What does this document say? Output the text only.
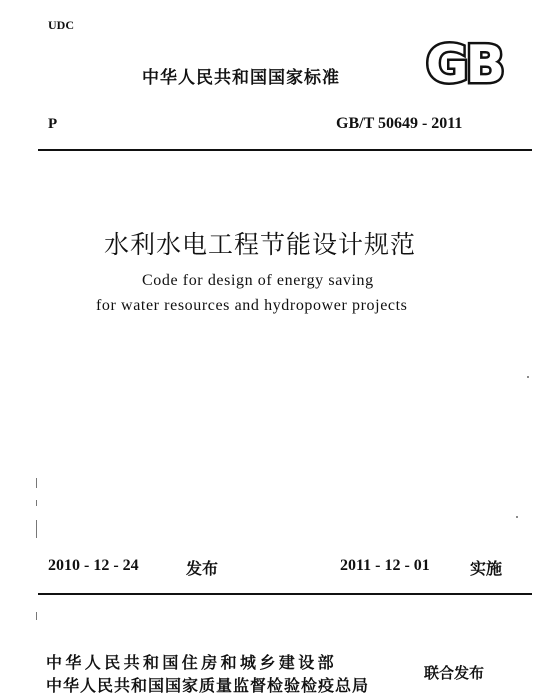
UDC
中华人民共和国国家标准 GB
P	GB/T 50649 - 2011
水利水电工程节能设计规范
Code for design of energy saving
for water resources and hydropower projects
2010 - 12 - 24	发布	2011 - 12 - 01	实施
中华人民共和国住房和城乡建设部
中华人民共和国国家质量监督检验检疫总局
联合发布
